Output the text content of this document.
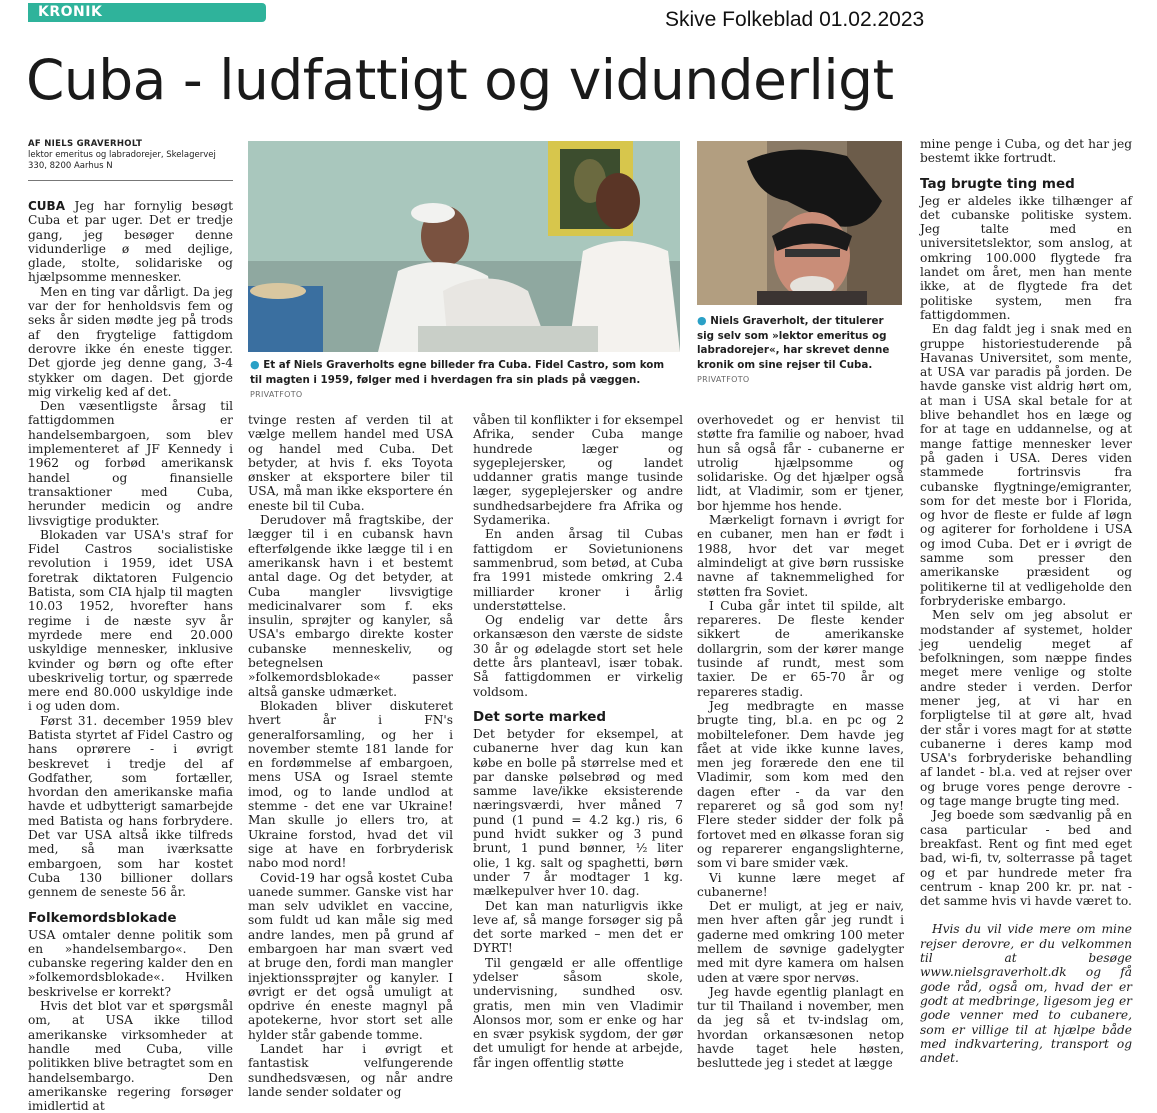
KRONIK	Skive Folkeblad 01.02.2023
Cuba - ludfattigt og vidunderligt
AF NIELS GRAVERHOLT
lektor emeritus og labradorejer, Skelagervej 330, 8200 Aarhus N
● Et af Niels Graverholts egne billeder fra Cuba. Fidel Castro, som kom til magten i 1959, følger med i hverdagen fra sin plads på væggen. PRIVATFOTO
● Niels Graverholt, der titulerer sig selv som »lektor emeritus og labradorejer«, har skrevet denne kronik om sine rejser til Cuba. PRIVATFOTO

CUBA Jeg har fornylig besøgt Cuba et par uger. Det er tredje gang, jeg besøger denne vidunderlige ø med dejlige, glade, stolte, solidariske og hjælpsomme mennesker.

Men en ting var dårligt. Da jeg var der for henholdsvis fem og seks år siden mødte jeg på trods af den frygtelige fattigdom derovre ikke én eneste tigger. Det gjorde jeg denne gang, 3-4 stykker om dagen. Det gjorde mig virkelig ked af det.

Den væsentligste årsag til fattigdommen er handelsembargoen, som blev implementeret af JF Kennedy i 1962 og forbød amerikansk handel og finansielle transaktioner med Cuba, herunder medicin og andre livsvigtige produkter.

Blokaden var USA's straf for Fidel Castros socialistiske revolution i 1959, idet USA foretrak diktatoren Fulgencio Batista, som CIA hjalp til magten 10.03 1952, hvorefter hans regime i de næste syv år myrdede mere end 20.000 uskyldige mennesker, inklusive kvinder og børn og ofte efter ubeskrivelig tortur, og spærrede mere end 80.000 uskyldige inde i og uden dom.

Først 31. december 1959 blev Batista styrtet af Fidel Castro og hans oprørere - i øvrigt beskrevet i tredje del af Godfather, som fortæller, hvordan den amerikanske mafia havde et udbytterigt samarbejde med Batista og hans forbrydere. Det var USA altså ikke tilfreds med, så man iværksatte embargoen, som har kostet Cuba 130 billioner dollars gennem de seneste 56 år.

Folkemordsblokade

USA omtaler denne politik som en »handelsembargo«. Den cubanske regering kalder den en »folkemordsblokade«. Hvilken beskrivelse er korrekt?

Hvis det blot var et spørgsmål om, at USA ikke tillod amerikanske virksomheder at handle med Cuba, ville politikken blive betragtet som en handelsembargo. Den amerikanske regering forsøger imidlertid at

tvinge resten af verden til at vælge mellem handel med USA og handel med Cuba. Det betyder, at hvis f. eks Toyota ønsker at eksportere biler til USA, må man ikke eksportere én eneste bil til Cuba.

Derudover må fragtskibe, der lægger til i en cubansk havn efterfølgende ikke lægge til i en amerikansk havn i et bestemt antal dage. Og det betyder, at Cuba mangler livsvigtige medicinalvarer som f. eks insulin, sprøjter og kanyler, så USA's embargo direkte koster cubanske menneskeliv, og betegnelsen »folkemordsblokade« passer altså ganske udmærket.

Blokaden bliver diskuteret hvert år i FN's generalforsamling, og her i november stemte 181 lande for en fordømmelse af embargoen, mens USA og Israel stemte imod, og to lande undlod at stemme - det ene var Ukraine! Man skulle jo ellers tro, at Ukraine forstod, hvad det vil sige at have en forbryderisk nabo mod nord!

Covid-19 har også kostet Cuba uanede summer. Ganske vist har man selv udviklet en vaccine, som fuldt ud kan måle sig med andre landes, men på grund af embargoen har man svært ved at bruge den, fordi man mangler injektionssprøjter og kanyler. I øvrigt er det også umuligt at opdrive én eneste magnyl på apotekerne, hvor stort set alle hylder står gabende tomme.

Landet har i øvrigt et fantastisk velfungerende sundhedsvæsen, og når andre lande sender soldater og

våben til konflikter i for eksempel Afrika, sender Cuba mange hundrede læger og sygeplejersker, og landet uddanner gratis mange tusinde læger, sygeplejersker og andre sundhedsarbejdere fra Afrika og Sydamerika.

En anden årsag til Cubas fattigdom er Sovietunionens sammenbrud, som betød, at Cuba fra 1991 mistede omkring 2.4 milliarder kroner i årlig understøttelse.

Og endelig var dette års orkansæson den værste de sidste 30 år og ødelagde stort set hele dette års planteavl, især tobak. Så fattigdommen er virkelig voldsom.

Det sorte marked

Det betyder for eksempel, at cubanerne hver dag kun kan købe en bolle på størrelse med et par danske pølsebrød og med samme lave/ikke eksisterende næringsværdi, hver måned 7 pund (1 pund = 4.2 kg.) ris, 6 pund hvidt sukker og 3 pund brunt, 1 pund bønner, ½ liter olie, 1 kg. salt og spaghetti, børn under 7 år modtager 1 kg. mælkepulver hver 10. dag.

Det kan man naturligvis ikke leve af, så mange forsøger sig på det sorte marked – men det er DYRT!

Til gengæld er alle offentlige ydelser såsom skole, undervisning, sundhed osv. gratis, men min ven Vladimir Alonsos mor, som er enke og har en svær psykisk sygdom, der gør det umuligt for hende at arbejde, får ingen offentlig støtte

overhovedet og er henvist til støtte fra familie og naboer, hvad hun så også får - cubanerne er utrolig hjælpsomme og solidariske. Og det hjælper også lidt, at Vladimir, som er tjener, bor hjemme hos hende.

Mærkeligt fornavn i øvrigt for en cubaner, men han er født i 1988, hvor det var meget almindeligt at give børn russiske navne af taknemmelighed for støtten fra Soviet.

I Cuba går intet til spilde, alt repareres. De fleste kender sikkert de amerikanske dollargrin, som der kører mange tusinde af rundt, mest som taxier. De er 65-70 år og repareres stadig.

Jeg medbragte en masse brugte ting, bl.a. en pc og 2 mobiltelefoner. Dem havde jeg fået at vide ikke kunne laves, men jeg forærede den ene til Vladimir, som kom med den dagen efter - da var den repareret og så god som ny! Flere steder sidder der folk på fortovet med en ølkasse foran sig og reparerer engangslighterne, som vi bare smider væk.

Vi kunne lære meget af cubanerne!

Det er muligt, at jeg er naiv, men hver aften går jeg rundt i gaderne med omkring 100 meter mellem de søvnige gadelygter med mit dyre kamera om halsen uden at være spor nervøs.

Jeg havde egentlig planlagt en tur til Thailand i november, men da jeg så et tv-indslag om, hvordan orkansæsonen netop havde taget hele høsten, besluttede jeg i stedet at lægge

mine penge i Cuba, og det har jeg bestemt ikke fortrudt.

Tag brugte ting med

Jeg er aldeles ikke tilhænger af det cubanske politiske system. Jeg talte med en universitetslektor, som anslog, at omkring 100.000 flygtede fra landet om året, men han mente ikke, at de flygtede fra det politiske system, men fra fattigdommen.

En dag faldt jeg i snak med en gruppe historiestuderende på Havanas Universitet, som mente, at USA var paradis på jorden. De havde ganske vist aldrig hørt om, at man i USA skal betale for at blive behandlet hos en læge og for at tage en uddannelse, og at mange fattige mennesker lever på gaden i USA. Deres viden stammede fortrinsvis fra cubanske flygtninge/emigranter, som for det meste bor i Florida, og hvor de fleste er fulde af løgn og agiterer for forholdene i USA og imod Cuba. Det er i øvrigt de samme som presser den amerikanske præsident og politikerne til at vedligeholde den forbryderiske embargo.

Men selv om jeg absolut er modstander af systemet, holder jeg uendelig meget af befolkningen, som næppe findes meget mere venlige og stolte andre steder i verden. Derfor mener jeg, at vi har en forpligtelse til at gøre alt, hvad der står i vores magt for at støtte cubanerne i deres kamp mod USA's forbryderiske behandling af landet - bl.a. ved at rejser over og bruge vores penge derovre - og tage mange brugte ting med.

Jeg boede som sædvanlig på en casa particular - bed and breakfast. Rent og fint med eget bad, wi-fi, tv, solterrasse på taget og et par hundrede meter fra centrum - knap 200 kr. pr. nat - det samme hvis vi havde været to.

Hvis du vil vide mere om mine rejser derovre, er du velkommen til at besøge www.nielsgraverholt.dk og få gode råd, også om, hvad der er godt at medbringe, ligesom jeg er gode venner med to cubanere, som er villige til at hjælpe både med indkvartering, transport og andet.
